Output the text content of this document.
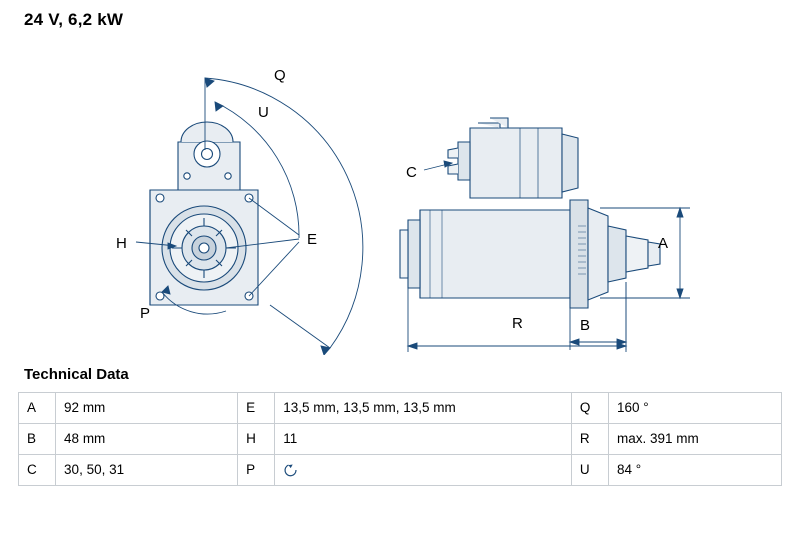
24 V, 6,2 kW
Q
U
E
H
P
C
A
B
R
Technical Data
A	92 mm	E	13,5 mm, 13,5 mm, 13,5 mm	Q	160 °
B	48 mm	H	11	R	max. 391 mm
C	30, 50, 31	P		U	84 °
